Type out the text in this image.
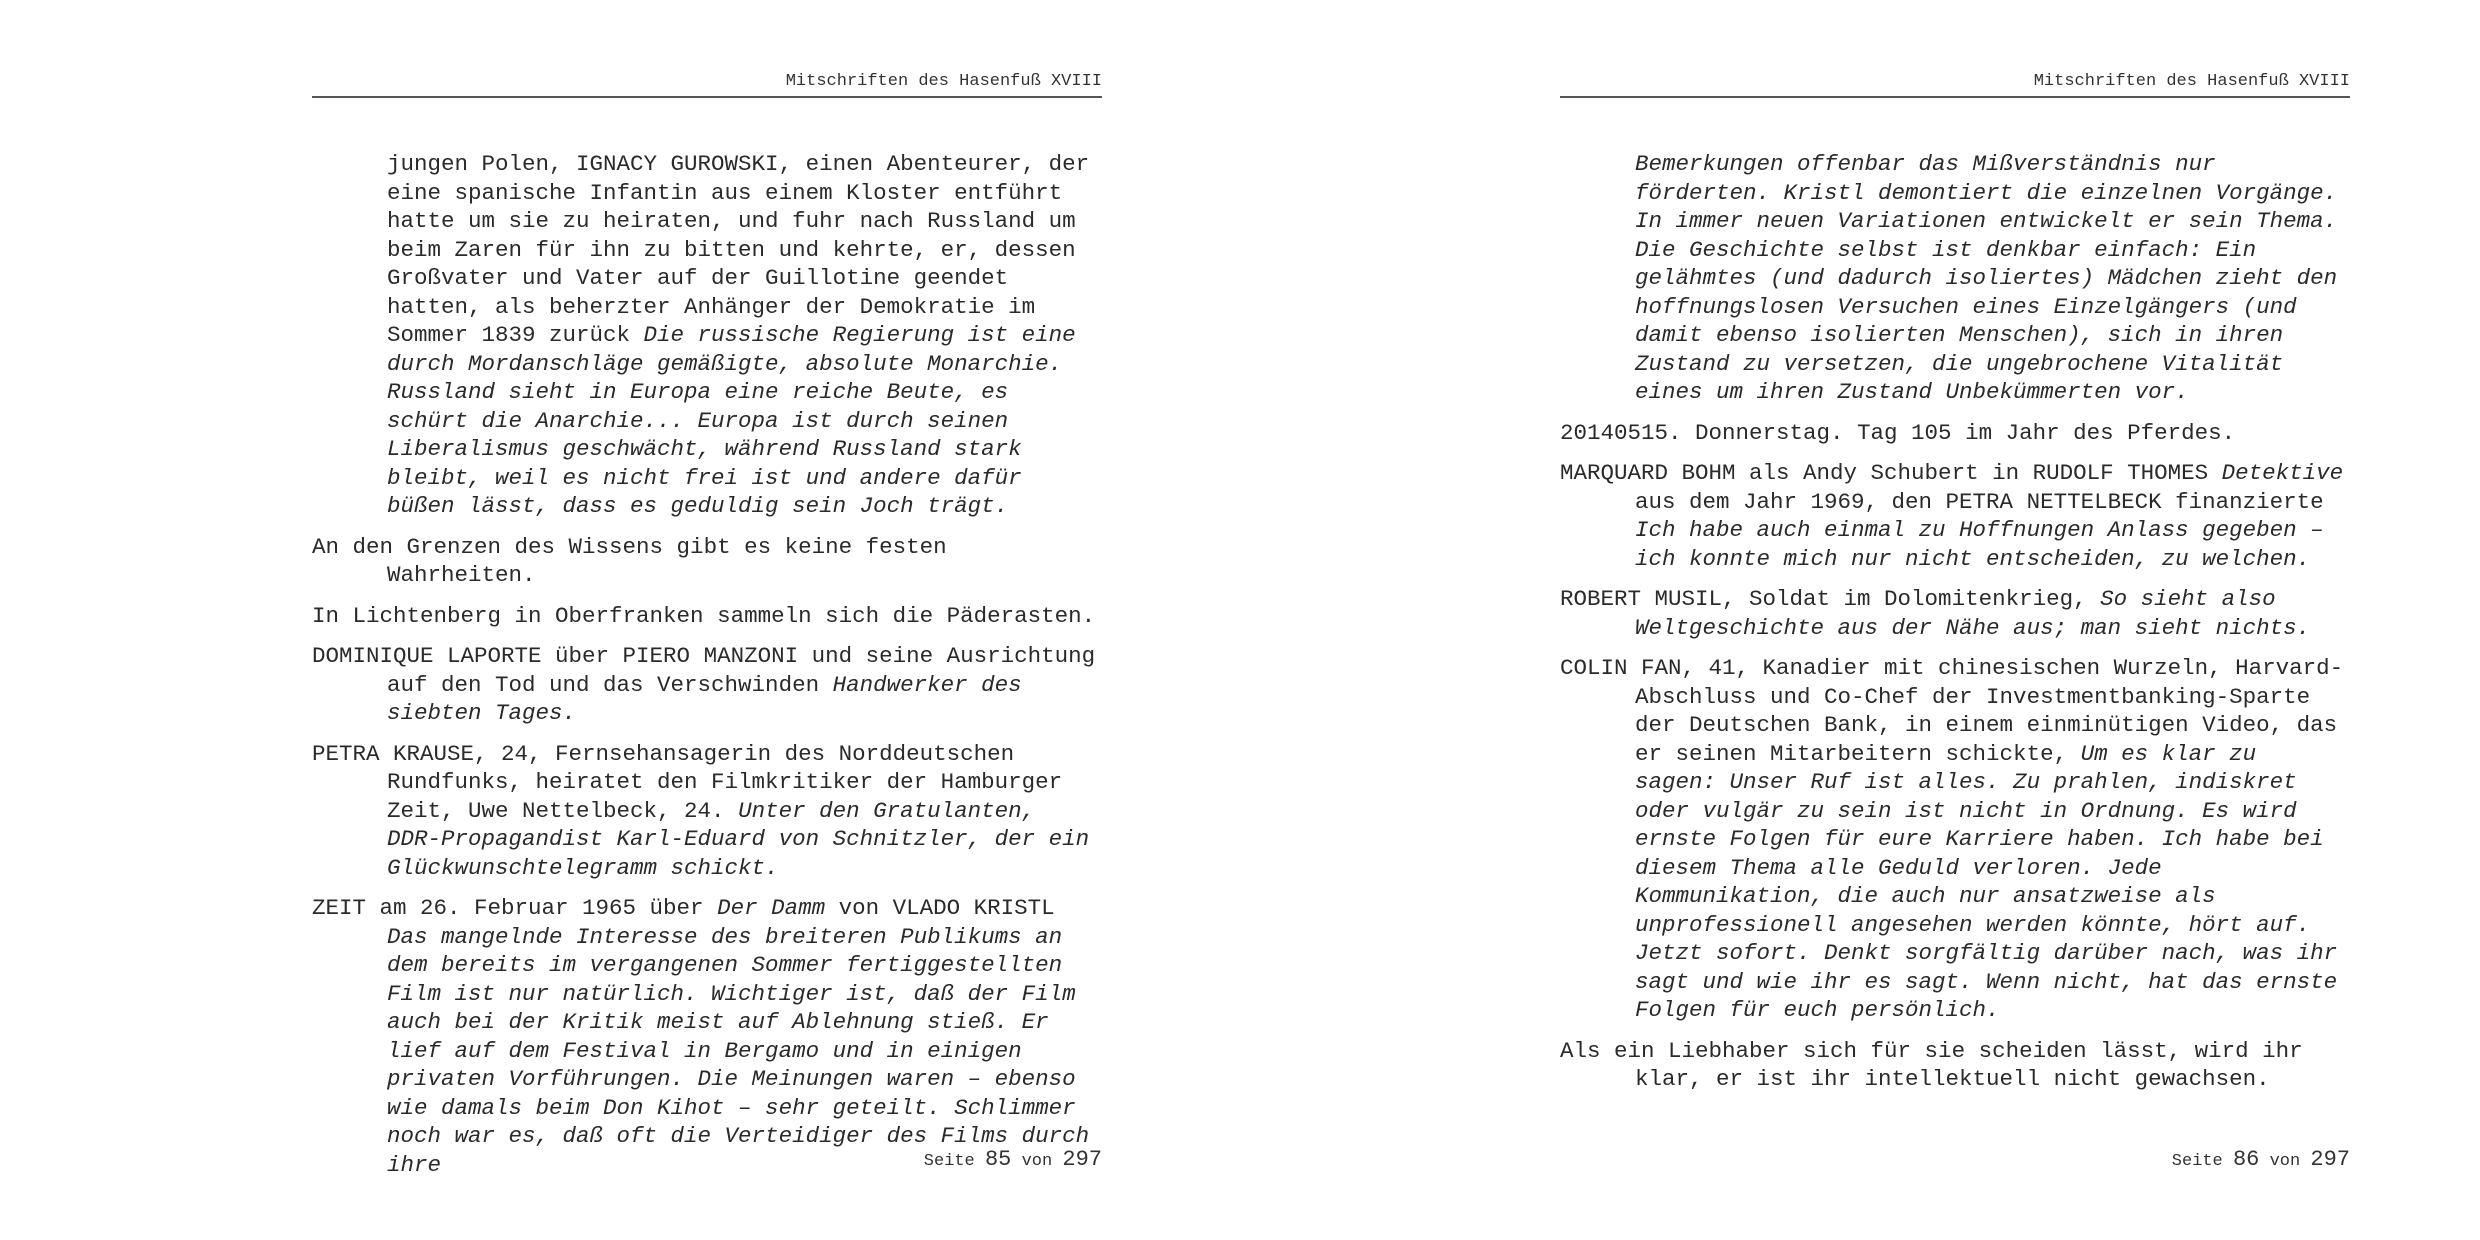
Mitschriften des Hasenfuß XVIII

jungen Polen, IGNACY GUROWSKI, einen Abenteurer, der eine spanische Infantin aus einem Kloster entführt hatte um sie zu heiraten, und fuhr nach Russland um beim Zaren für ihn zu bitten und kehrte, er, dessen Großvater und Vater auf der Guillotine geendet hatten, als beherzter Anhänger der Demokratie im Sommer 1839 zurück Die russische Regierung ist eine durch Mordanschläge gemäßigte, absolute Monarchie. Russland sieht in Europa eine reiche Beute, es schürt die Anarchie... Europa ist durch seinen Liberalismus geschwächt, während Russland stark bleibt, weil es nicht frei ist und andere dafür büßen lässt, dass es geduldig sein Joch trägt.

An den Grenzen des Wissens gibt es keine festen Wahrheiten.

In Lichtenberg in Oberfranken sammeln sich die Päderasten.

DOMINIQUE LAPORTE über PIERO MANZONI und seine Ausrichtung auf den Tod und das Verschwinden Handwerker des siebten Tages.

PETRA KRAUSE, 24, Fernsehansagerin des Norddeutschen Rundfunks, heiratet den Filmkritiker der Hamburger Zeit, Uwe Nettelbeck, 24. Unter den Gratulanten, DDR-Propagandist Karl-Eduard von Schnitzler, der ein Glückwunschtelegramm schickt.

ZEIT am 26. Februar 1965 über Der Damm von VLADO KRISTL Das mangelnde Interesse des breiteren Publikums an dem bereits im vergangenen Sommer fertiggestellten Film ist nur natürlich. Wichtiger ist, daß der Film auch bei der Kritik meist auf Ablehnung stieß. Er lief auf dem Festival in Bergamo und in einigen privaten Vorführungen. Die Meinungen waren – ebenso wie damals beim Don Kihot – sehr geteilt. Schlimmer noch war es, daß oft die Verteidiger des Films durch ihre	Seite 85 von 297
Mitschriften des Hasenfuß XVIII

Bemerkungen offenbar das Mißverständnis nur förderten. Kristl demontiert die einzelnen Vorgänge. In immer neuen Variationen entwickelt er sein Thema. Die Geschichte selbst ist denkbar einfach: Ein gelähmtes (und dadurch isoliertes) Mädchen zieht den hoffnungslosen Versuchen eines Einzelgängers (und damit ebenso isolierten Menschen), sich in ihren Zustand zu versetzen, die ungebrochene Vitalität eines um ihren Zustand Unbekümmerten vor.

20140515. Donnerstag. Tag 105 im Jahr des Pferdes.

MARQUARD BOHM als Andy Schubert in RUDOLF THOMES Detektive aus dem Jahr 1969, den PETRA NETTELBECK finanzierte Ich habe auch einmal zu Hoffnungen Anlass gegeben – ich konnte mich nur nicht entscheiden, zu welchen.

ROBERT MUSIL, Soldat im Dolomitenkrieg, So sieht also Weltgeschichte aus der Nähe aus; man sieht nichts.

COLIN FAN, 41, Kanadier mit chinesischen Wurzeln, Harvard-Abschluss und Co-Chef der Investmentbanking-Sparte der Deutschen Bank, in einem einminütigen Video, das er seinen Mitarbeitern schickte, Um es klar zu sagen: Unser Ruf ist alles. Zu prahlen, indiskret oder vulgär zu sein ist nicht in Ordnung. Es wird ernste Folgen für eure Karriere haben. Ich habe bei diesem Thema alle Geduld verloren. Jede Kommunikation, die auch nur ansatzweise als unprofessionell angesehen werden könnte, hört auf. Jetzt sofort. Denkt sorgfältig darüber nach, was ihr sagt und wie ihr es sagt. Wenn nicht, hat das ernste Folgen für euch persönlich.

Als ein Liebhaber sich für sie scheiden lässt, wird ihr klar, er ist ihr intellektuell nicht gewachsen.

Seite 86 von 297
